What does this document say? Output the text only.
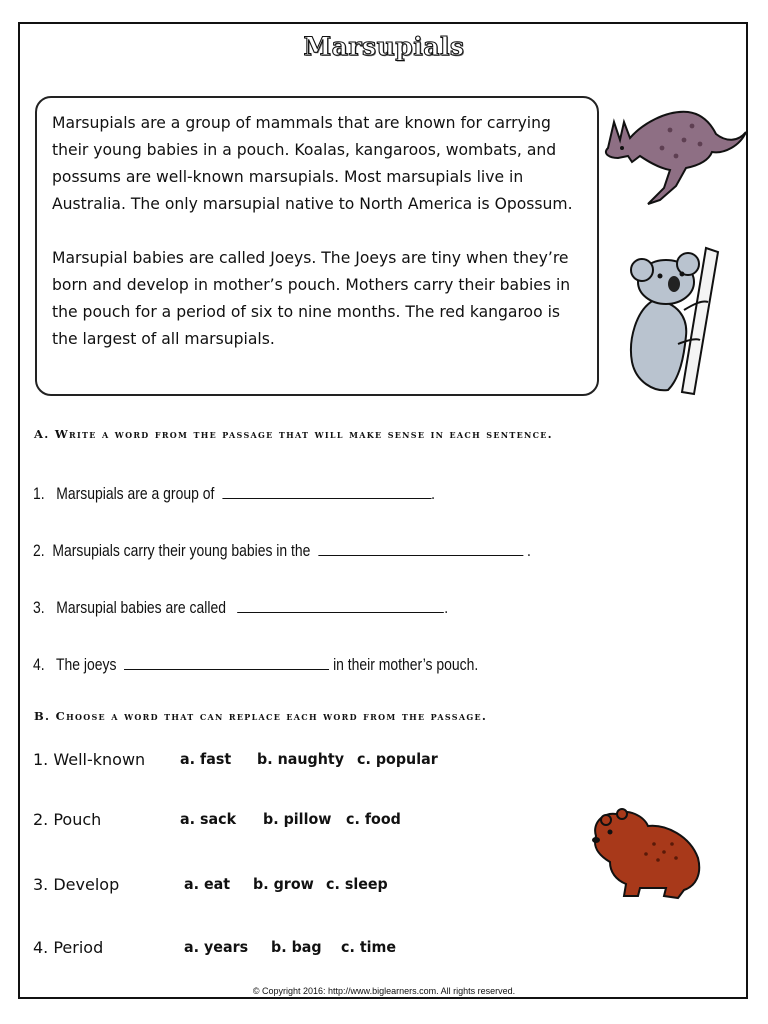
Marsupials

Marsupials are a group of mammals that are known for carrying their young babies in a pouch. Koalas, kangaroos, wombats, and possums are well-known marsupials. Most marsupials live in Australia. The only marsupial native to North America is Opossum.

Marsupial babies are called Joeys. The Joeys are tiny when they’re born and develop in mother’s pouch. Mothers carry their babies in the pouch for a period of six to nine months. The red kangaroo is the largest of all marsupials.

A. Write a word from the passage that will make sense in each sentence.
1. Marsupials are a group of	.
2. Marsupials carry their young babies in the	.
3. Marsupial babies are called	.
4. The joeys	in their mother’s pouch.
B. Choose a word that can replace each word from the passage.
1. Well-known a. fast b. naughty c. popular
2. Pouch	a. sack b. pillow c. food
3. Develop	a. eat b. grow c. sleep
4. Period	a. years b. bag c. time
© Copyright 2016: http://www.biglearners.com. All rights reserved.
